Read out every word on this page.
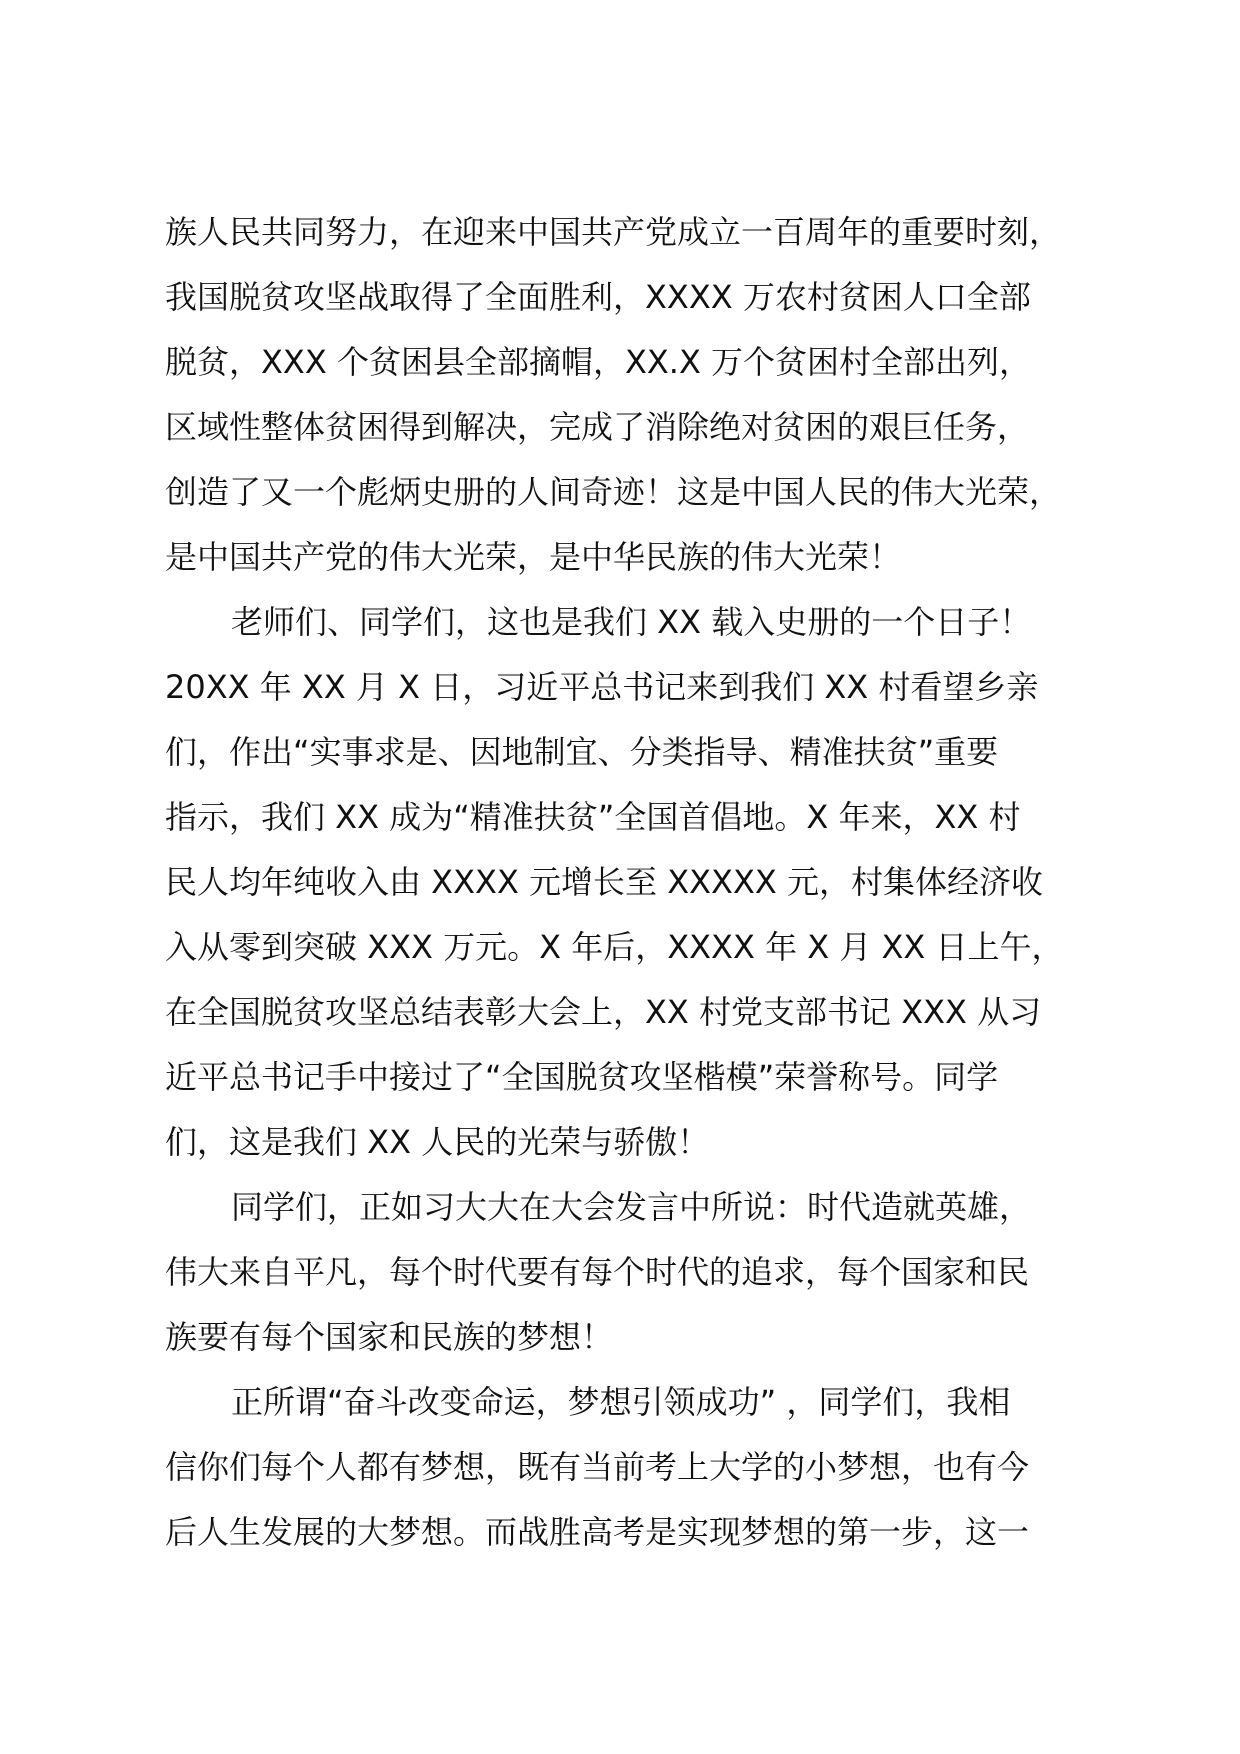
族人民共同努力，在迎来中国共产党成立一百周年的重要时刻，
我国脱贫攻坚战取得了全面胜利，XXXX 万农村贫困人口全部
脱贫，XXX 个贫困县全部摘帽，XX.X 万个贫困村全部出列，
区域性整体贫困得到解决，完成了消除绝对贫困的艰巨任务，
创造了又一个彪炳史册的人间奇迹！这是中国人民的伟大光荣，
是中国共产党的伟大光荣，是中华民族的伟大光荣！
老师们、同学们，这也是我们 XX 载入史册的一个日子！
20XX 年 XX 月 X 日，习近平总书记来到我们 XX 村看望乡亲
们，作出“实事求是、因地制宜、分类指导、精准扶贫”重要
指示，我们 XX 成为“精准扶贫”全国首倡地。X 年来，XX 村
民人均年纯收入由 XXXX 元增长至 XXXXX 元，村集体经济收
入从零到突破 XXX 万元。X 年后，XXXX 年 X 月 XX 日上午，
在全国脱贫攻坚总结表彰大会上，XX 村党支部书记 XXX 从习
近平总书记手中接过了“全国脱贫攻坚楷模”荣誉称号。同学
们，这是我们 XX 人民的光荣与骄傲！
同学们，正如习大大在大会发言中所说：时代造就英雄，
伟大来自平凡，每个时代要有每个时代的追求，每个国家和民
族要有每个国家和民族的梦想！
正所谓“奋斗改变命运，梦想引领成功” ，同学们，我相
信你们每个人都有梦想，既有当前考上大学的小梦想，也有今
后人生发展的大梦想。而战胜高考是实现梦想的第一步，这一
